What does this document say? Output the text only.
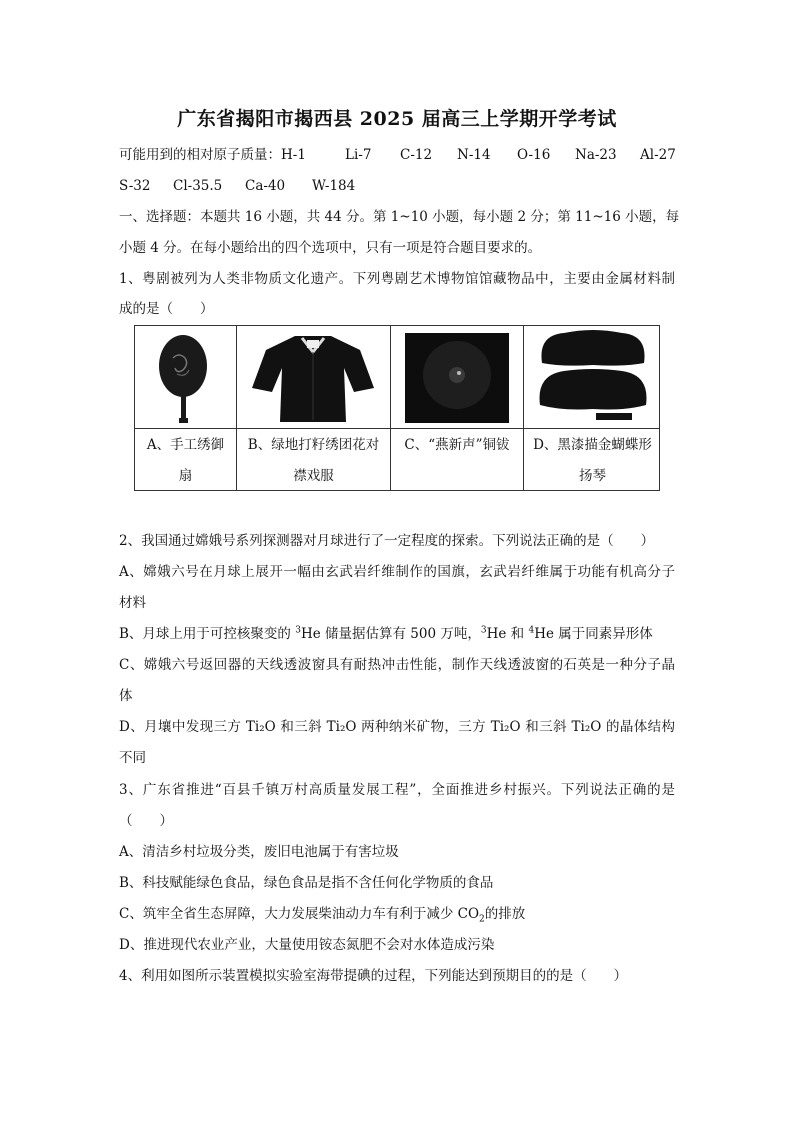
广东省揭阳市揭西县 2025 届高三上学期开学考试
可能用到的相对原子质量：H-1	Li-7 C-12 N-14 O-16 Na-23 Al-27
S-32 Cl-35.5 Ca-40 W-184
一、选择题：本题共 16 小题，共 44 分。第 1~10 小题，每小题 2 分；第 11~16 小题，每
小题 4 分。在每小题给出的四个选项中，只有一项是符合题目要求的。
1、粤剧被列为人类非物质文化遗产。下列粤剧艺术博物馆馆藏物品中，主要由金属材料制
成的是（　　）
A、手工绣御
扇
B、绿地打籽绣团花对
襟戏服
C、“燕新声”铜钹	D、黑漆描金蝴蝶形
扬琴
2、我国通过嫦娥号系列探测器对月球进行了一定程度的探索。下列说法正确的是（　　）
A、嫦娥六号在月球上展开一幅由玄武岩纤维制作的国旗，玄武岩纤维属于功能有机高分子
材料
B、月球上用于可控核聚变的 $^3$He 储量据估算有 500 万吨，$^3$He 和 $^4$He 属于同素异形体
C、嫦娥六号返回器的天线透波窗具有耐热冲击性能，制作天线透波窗的石英是一种分子晶
体
D、月壤中发现三方 Ti₂O 和三斜 Ti₂O 两种纳米矿物，三方 Ti₂O 和三斜 Ti₂O 的晶体结构
不同
3、广东省推进“百县千镇万村高质量发展工程”，全面推进乡村振兴。下列说法正确的是
（　　）
A、清洁乡村垃圾分类，废旧电池属于有害垃圾
B、科技赋能绿色食品，绿色食品是指不含任何化学物质的食品
C、筑牢全省生态屏障，大力发展柴油动力车有利于减少 $CO_2$的排放
D、推进现代农业产业，大量使用铵态氮肥不会对水体造成污染
4、利用如图所示装置模拟实验室海带提碘的过程，下列能达到预期目的的是（　　）
